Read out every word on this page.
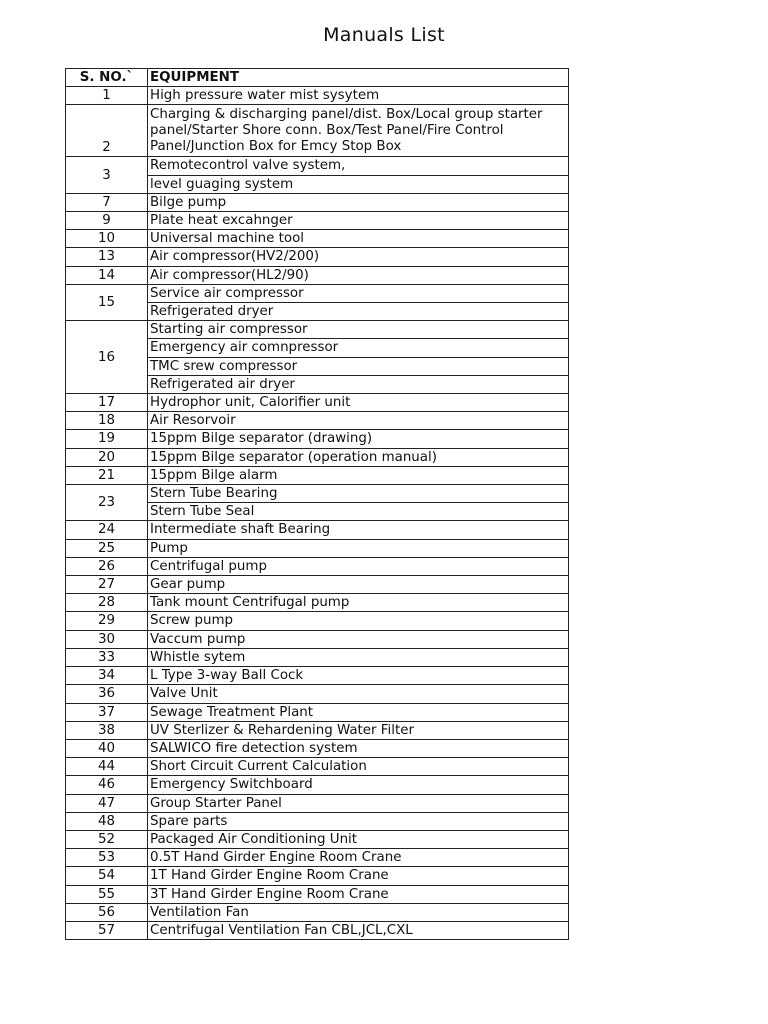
Manuals List
S. NO.`	EQUIPMENT
1	High pressure water mist sysytem
2	Charging & discharging panel/dist. Box/Local group starter panel/Starter Shore conn. Box/Test Panel/Fire Control Panel/Junction Box for Emcy Stop Box
3	Remotecontrol valve system,
	level guaging system
7	Bilge pump
9	Plate heat excahnger
10	Universal machine tool
13	Air compressor(HV2/200)
14	Air compressor(HL2/90)
15	Service air compressor
	Refrigerated dryer
16	Starting air compressor
	Emergency air comnpressor
	TMC srew compressor
	Refrigerated air dryer
17	Hydrophor unit, Calorifier unit
18	Air Resorvoir
19	15ppm Bilge separator (drawing)
20	15ppm Bilge separator (operation manual)
21	15ppm Bilge alarm
23	Stern Tube Bearing
	Stern Tube Seal
24	Intermediate shaft Bearing
25	Pump
26	Centrifugal pump
27	Gear pump
28	Tank mount Centrifugal pump
29	Screw pump
30	Vaccum pump
33	Whistle sytem
34	L Type 3-way Ball Cock
36	Valve Unit
37	Sewage Treatment Plant
38	UV Sterlizer & Rehardening Water Filter
40	SALWICO fire detection system
44	Short Circuit Current Calculation
46	Emergency Switchboard
47	Group Starter Panel
48	Spare parts
52	Packaged Air Conditioning Unit
53	0.5T Hand Girder Engine Room Crane
54	1T Hand Girder Engine Room Crane
55	3T Hand Girder Engine Room Crane
56	Ventilation Fan
57	Centrifugal Ventilation Fan CBL,JCL,CXL
